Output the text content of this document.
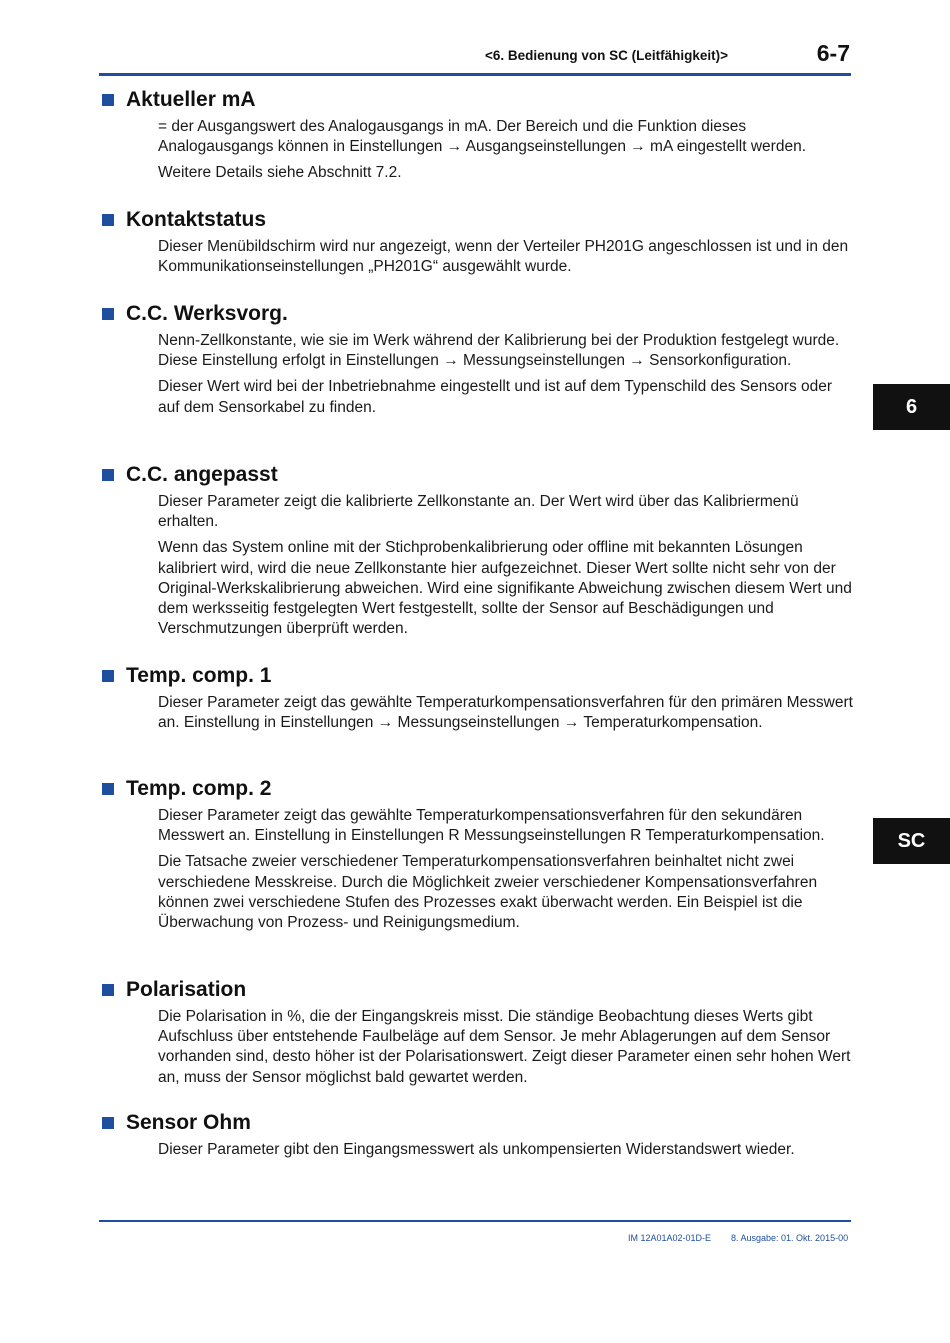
<6. Bedienung von SC (Leitfähigkeit)>	6-7
6
SC
Aktueller mA

= der Ausgangswert des Analogausgangs in mA. Der Bereich und die Funktion dieses Analogausgangs können in Einstellungen → Ausgangseinstellungen → mA eingestellt werden.

Weitere Details siehe Abschnitt 7.2.

Kontaktstatus

Dieser Menübildschirm wird nur angezeigt, wenn der Verteiler PH201G angeschlossen ist und in den Kommunikationseinstellungen „PH201G“ ausgewählt wurde.

C.C. Werksvorg.

Nenn-Zellkonstante, wie sie im Werk während der Kalibrierung bei der Produktion festgelegt wurde. Diese Einstellung erfolgt in Einstellungen → Messungseinstellungen → Sensorkonfiguration.

Dieser Wert wird bei der Inbetriebnahme eingestellt und ist auf dem Typenschild des Sensors oder auf dem Sensorkabel zu finden.

C.C. angepasst

Dieser Parameter zeigt die kalibrierte Zellkonstante an. Der Wert wird über das Kalibriermenü erhalten.

Wenn das System online mit der Stichprobenkalibrierung oder offline mit bekannten Lösungen kalibriert wird, wird die neue Zellkonstante hier aufgezeichnet. Dieser Wert sollte nicht sehr von der Original-Werkskalibrierung abweichen. Wird eine signifikante Abweichung zwischen diesem Wert und dem werksseitig festgelegten Wert festgestellt, sollte der Sensor auf Beschädigungen und Verschmutzungen überprüft werden.

Temp. comp. 1

Dieser Parameter zeigt das gewählte Temperaturkompensationsverfahren für den primären Messwert an. Einstellung in Einstellungen → Messungseinstellungen → Temperaturkompensation.

Temp. comp. 2

Dieser Parameter zeigt das gewählte Temperaturkompensationsverfahren für den sekundären Messwert an. Einstellung in Einstellungen R Messungseinstellungen R Temperaturkompensation.

Die Tatsache zweier verschiedener Temperaturkompensationsverfahren beinhaltet nicht zwei verschiedene Messkreise. Durch die Möglichkeit zweier verschiedener Kompensationsverfahren können zwei verschiedene Stufen des Prozesses exakt überwacht werden. Ein Beispiel ist die Überwachung von Prozess- und Reinigungsmedium.

Polarisation

Die Polarisation in %, die der Eingangskreis misst. Die ständige Beobachtung dieses Werts gibt Aufschluss über entstehende Faulbeläge auf dem Sensor. Je mehr Ablagerungen auf dem Sensor vorhanden sind, desto höher ist der Polarisationswert. Zeigt dieser Parameter einen sehr hohen Wert an, muss der Sensor möglichst bald gewartet werden.

Sensor Ohm

Dieser Parameter gibt den Eingangsmesswert als unkompensierten Widerstandswert wieder.

IM 12A01A02-01D-E 8. Ausgabe: 01. Okt. 2015-00
